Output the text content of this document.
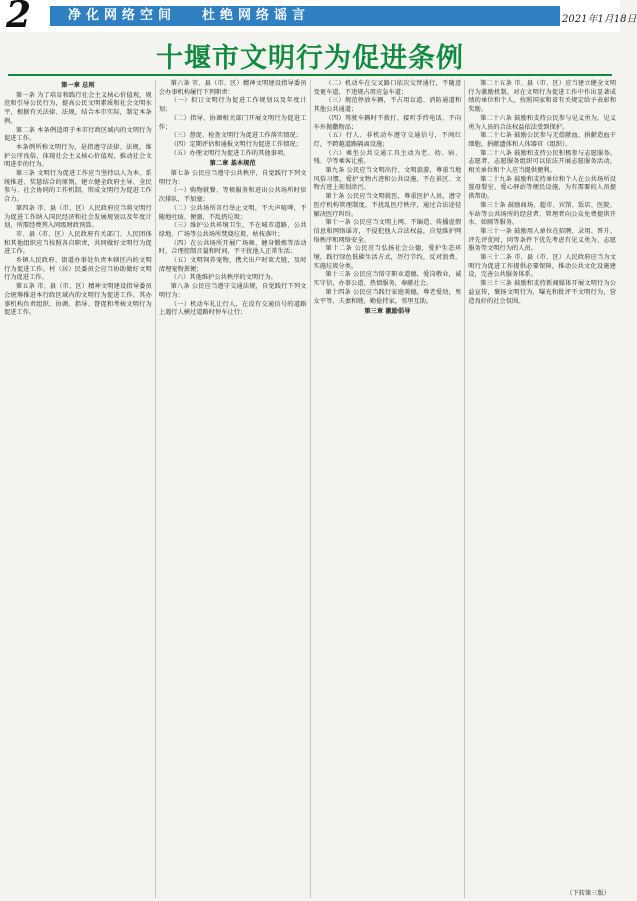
2	净化网络空间 杜绝网络谣言	2021年1月18日
十堰市文明行为促进条例
第一章 总则

第一条 为了培育和践行社会主义核心价值观，规范和引导公民行为，提高公民文明素质和社会文明水平，根据有关法律、法规，结合本市实际，制定本条例。

第二条 本条例适用于本市行政区域内的文明行为促进工作。

本条例所称文明行为，是指遵守法律、法规，维护公序良俗，体现社会主义核心价值观，推动社会文明进步的行为。

第三条 文明行为促进工作应当坚持以人为本、系统推进、奖惩结合的原则，建立健全政府主导、全民参与、社会协同的工作机制，形成文明行为促进工作合力。

第四条 市、县（市、区）人民政府应当将文明行为促进工作纳入国民经济和社会发展规划以及年度计划，所需经费列入同级财政预算。

市、县（市、区）人民政府有关部门、人民团体和其他组织应当按照各自职责，共同做好文明行为促进工作。

乡镇人民政府、街道办事处负责本辖区内的文明行为促进工作。村（居）民委员会应当协助做好文明行为促进工作。

第五条 市、县（市、区）精神文明建设指导委员会统筹推进本行政区域内的文明行为促进工作。其办事机构负责组织、协调、指导、督促和考核文明行为促进工作。

第六条 市、县（市、区）精神文明建设指导委员会办事机构履行下列职责：

（一）拟订文明行为促进工作规划以及年度计划；

（二）指导、协调相关部门开展文明行为促进工作；

（三）督促、检查文明行为促进工作落实情况；

（四）定期评估和通报文明行为促进工作情况；

（五）办理文明行为促进工作的其他事项。

第二章 基本规范

第七条 公民应当遵守公共秩序，自觉践行下列文明行为：

（一）购物就餐、等候服务和进出公共场所时依次排队，不加塞；

（二）公共场所言行举止文明，不大声喧哗，不随地吐痰、便溺，不乱扔垃圾；

（三）维护公共环境卫生，不在城市道路、公共绿地、广场等公共场所焚烧垃圾、枯枝落叶；

（四）在公共场所开展广场舞、健身锻炼等活动时，合理控制音量和时间，不干扰他人正常生活；

（五）文明饲养宠物，携犬出户时束犬链，及时清理宠物粪便；

（六）其他维护公共秩序的文明行为。

第八条 公民应当遵守交通法规，自觉践行下列文明行为：

（一）机动车礼让行人，在没有交通信号的道路上遇行人横过道路时停车让行；

（二）机动车在交叉路口依次交替通行，不随意变更车道，不违规占用应急车道；

（三）规范停放车辆，不占用盲道、消防通道和其他公共通道；

（四）驾驶车辆时不拨打、接听手持电话，不向车外抛撒物品；

（五）行人、非机动车遵守交通信号，不闯红灯，不跨越道路隔离设施；

（六）乘坐公共交通工具主动为老、幼、病、残、孕等乘客让座。

第九条 公民应当文明出行、文明旅游，尊重当地风俗习惯，爱护文物古迹和公共设施，不在景区、文物古迹上刻划涂污。

第十条 公民应当文明就医，尊重医护人员，遵守医疗机构管理制度，不扰乱医疗秩序，通过合法途径解决医疗纠纷。

第十一条 公民应当文明上网，不编造、传播虚假信息和网络谣言，不侵犯他人合法权益，自觉维护网络秩序和网络安全。

第十二条 公民应当弘扬社会公德，爱护生态环境，践行绿色低碳生活方式，厉行节约，反对浪费，实施垃圾分类。

第十三条 公民应当恪守职业道德，爱岗敬业，诚实守信，办事公道，热情服务，奉献社会。

第十四条 公民应当践行家庭美德，尊老爱幼，男女平等，夫妻和睦，勤俭持家，邻里互助。

第三章 激励倡导

第二十五条 市、县（市、区）应当建立健全文明行为激励机制，对在文明行为促进工作中作出显著成绩的单位和个人，按照国家和省有关规定给予表彰和奖励。

第二十六条 鼓励和支持公民参与见义勇为。见义勇为人员的合法权益依法受到保护。

第二十七条 鼓励公民参与无偿献血、捐献造血干细胞、捐献遗体和人体器官（组织）。

第二十八条 鼓励和支持公民积极参与志愿服务。志愿者、志愿服务组织可以依法开展志愿服务活动，相关单位和个人应当提供便利。

第二十九条 鼓励和支持单位和个人在公共场所设置母婴室、爱心驿站等便民设施，为有需要的人员提供帮助。

第三十条 鼓励商场、超市、宾馆、饭店、医院、车站等公共场所的经营者、管理者向公众免费提供开水、如厕等服务。

第三十一条 鼓励用人单位在招聘、录用、晋升、评先评优时，同等条件下优先考虑有见义勇为、志愿服务等文明行为的人员。

第三十二条 市、县（市、区）人民政府应当为文明行为促进工作提供必要保障，推动公共文化设施建设，完善公共服务体系。

第三十三条 鼓励和支持新闻媒体开展文明行为公益宣传，褒扬文明行为，曝光和批评不文明行为，营造良好的社会氛围。

（下转第三版）
